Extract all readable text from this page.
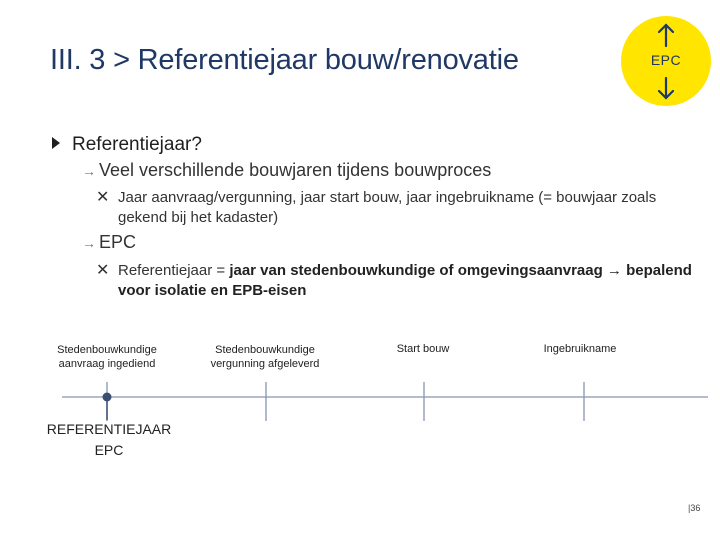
III. 3 > Referentiejaar bouw/renovatie	EPC
Referentiejaar?
→ Veel verschillende bouwjaren tijdens bouwproces
✕ Jaar aanvraag/vergunning, jaar start bouw, jaar ingebruikname (= bouwjaar zoals gekend bij het kadaster)
→ EPC
✕ Referentiejaar = jaar van stedenbouwkundige of omgevingsaanvraag → bepalend voor isolatie en EPB-eisen
Stedenbouwkundige aanvraag ingediend
Stedenbouwkundige vergunning afgeleverd
Start bouw	Ingebruikname
REFERENTIEJAAR EPC
|36
